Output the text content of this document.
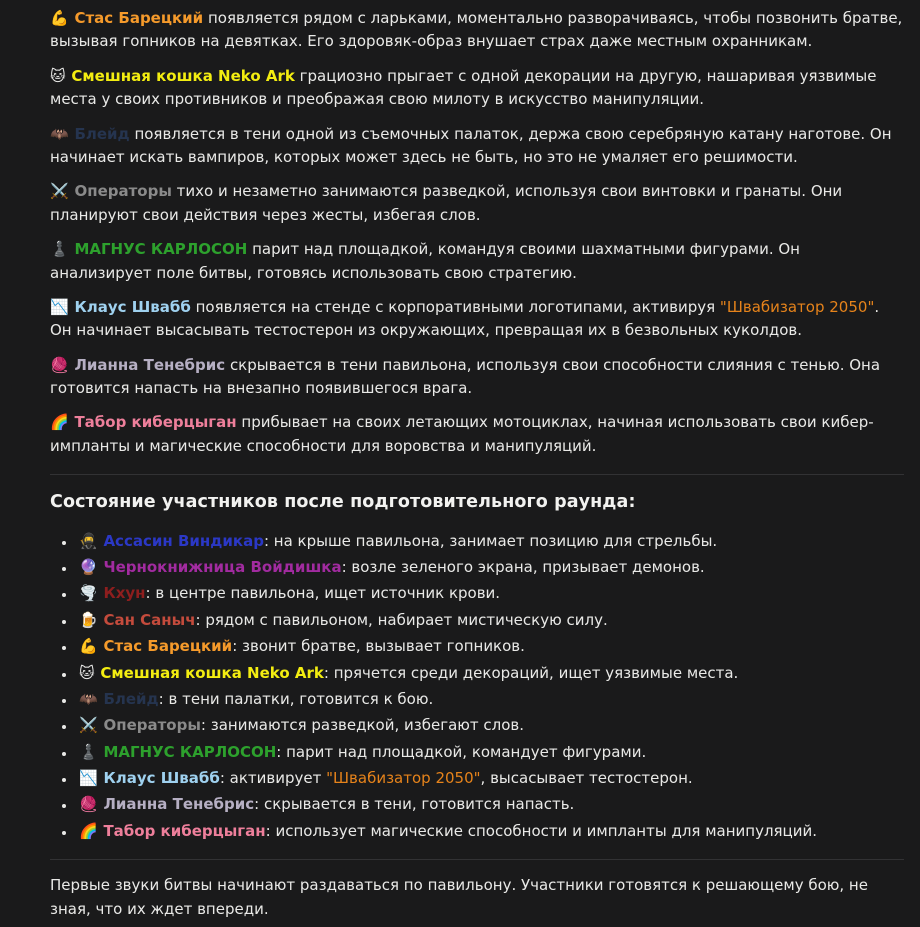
💪 Стас Барецкий появляется рядом с ларьками, моментально разворачиваясь, чтобы позвонить братве, вызывая гопников на девятках. Его здоровяк-образ внушает страх даже местным охранникам.

🐱 Смешная кошка Neko Ark грациозно прыгает с одной декорации на другую, нашаривая уязвимые места у своих противников и преображая свою милоту в искусство манипуляции.

🦇 Блейд появляется в тени одной из съемочных палаток, держа свою серебряную катану наготове. Он начинает искать вампиров, которых может здесь не быть, но это не умаляет его решимости.

⚔️ Операторы тихо и незаметно занимаются разведкой, используя свои винтовки и гранаты. Они планируют свои действия через жесты, избегая слов.

♟️ МАГНУС КАРЛОСОН парит над площадкой, командуя своими шахматными фигурами. Он анализирует поле битвы, готовясь использовать свою стратегию.

📉 Клаус Швабб появляется на стенде с корпоративными логотипами, активируя "Швабизатор 2050". Он начинает высасывать тестостерон из окружающих, превращая их в безвольных куколдов.

🧶 Лианна Тенебрис скрывается в тени павильона, используя свои способности слияния с тенью. Она готовится напасть на внезапно появившегося врага.

🌈 Табор киберцыган прибывает на своих летающих мотоциклах, начиная использовать свои кибер-импланты и магические способности для воровства и манипуляций.

Состояние участников после подготовительного раунда:
• 🥷 Ассасин Виндикар: на крыше павильона, занимает позицию для стрельбы.
• 🔮 Чернокнижница Войдишка: возле зеленого экрана, призывает демонов.
• 🌪️ Кхун: в центре павильона, ищет источник крови.
• 🍺 Сан Саныч: рядом с павильоном, набирает мистическую силу.
• 💪 Стас Барецкий: звонит братве, вызывает гопников.
• 🐱 Смешная кошка Neko Ark: прячется среди декораций, ищет уязвимые места.
• 🦇 Блейд: в тени палатки, готовится к бою.
• ⚔️ Операторы: занимаются разведкой, избегают слов.
• ♟️ МАГНУС КАРЛОСОН: парит над площадкой, командует фигурами.
• 📉 Клаус Швабб: активирует "Швабизатор 2050", высасывает тестостерон.
• 🧶 Лианна Тенебрис: скрывается в тени, готовится напасть.
• 🌈 Табор киберцыган: использует магические способности и импланты для манипуляций.

Первые звуки битвы начинают раздаваться по павильону. Участники готовятся к решающему бою, не зная, что их ждет впереди.
